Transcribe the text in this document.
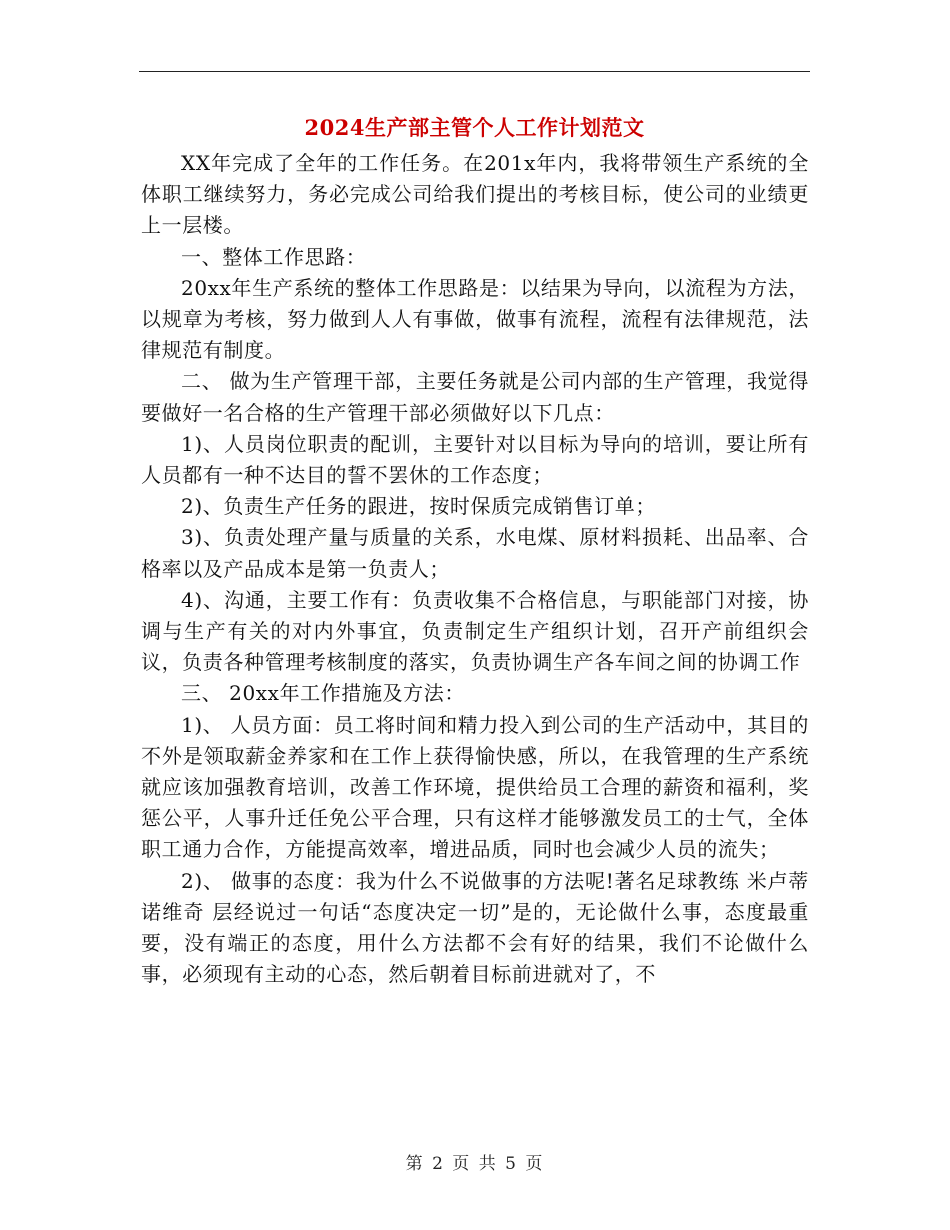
2024生产部主管个人工作计划范文

XX年完成了全年的工作任务。在201x年内，我将带领生产系统的全体职工继续努力，务必完成公司给我们提出的考核目标，使公司的业绩更上一层楼。

一、整体工作思路：

20xx年生产系统的整体工作思路是：以结果为导向，以流程为方法，以规章为考核，努力做到人人有事做，做事有流程，流程有法律规范，法律规范有制度。

二、 做为生产管理干部，主要任务就是公司内部的生产管理，我觉得要做好一名合格的生产管理干部必须做好以下几点：

1)、人员岗位职责的配训，主要针对以目标为导向的培训，要让所有人员都有一种不达目的誓不罢休的工作态度；

2)、负责生产任务的跟进，按时保质完成销售订单；

3)、负责处理产量与质量的关系，水电煤、原材料损耗、出品率、合格率以及产品成本是第一负责人；

4)、沟通，主要工作有：负责收集不合格信息，与职能部门对接，协调与生产有关的对内外事宜，负责制定生产组织计划，召开产前组织会议，负责各种管理考核制度的落实，负责协调生产各车间之间的协调工作

三、 20xx年工作措施及方法：

1)、 人员方面：员工将时间和精力投入到公司的生产活动中，其目的不外是领取薪金养家和在工作上获得愉快感，所以，在我管理的生产系统就应该加强教育培训，改善工作环境，提供给员工合理的薪资和福利，奖惩公平，人事升迁任免公平合理，只有这样才能够激发员工的士气，全体职工通力合作，方能提高效率，增进品质，同时也会减少人员的流失；

2)、 做事的态度：我为什么不说做事的方法呢!著名足球教练 米卢蒂诺维奇 层经说过一句话“态度决定一切”是的，无论做什么事，态度最重要，没有端正的态度，用什么方法都不会有好的结果，我们不论做什么事，必须现有主动的心态，然后朝着目标前进就对了，不

第 2 页 共 5 页
